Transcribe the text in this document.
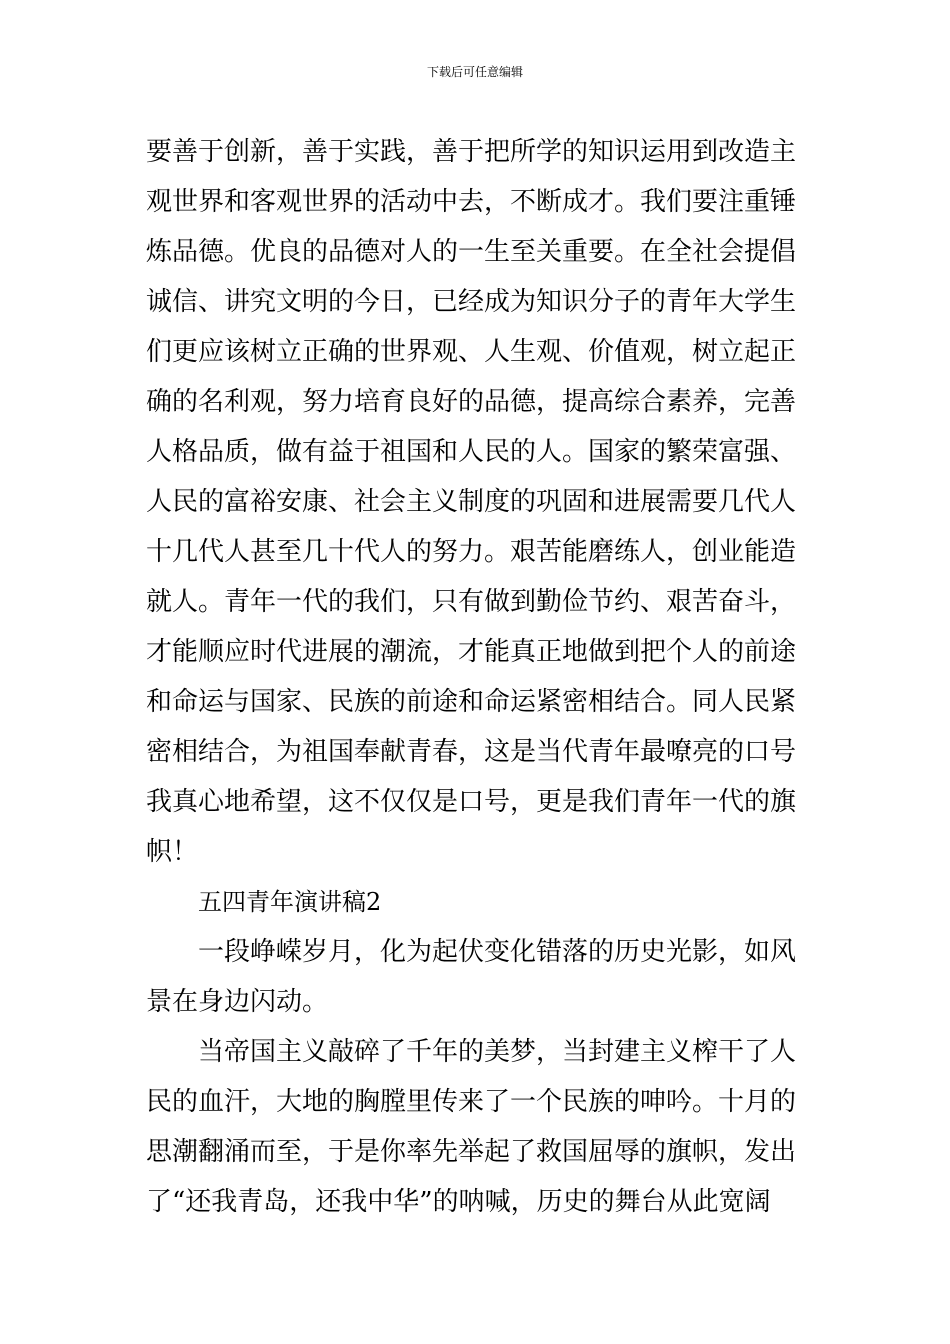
下载后可任意编辑
要善于创新，善于实践，善于把所学的知识运用到改造主
观世界和客观世界的活动中去，不断成才。我们要注重锤
炼品德。优良的品德对人的一生至关重要。在全社会提倡
诚信、讲究文明的今日，已经成为知识分子的青年大学生
们更应该树立正确的世界观、人生观、价值观，树立起正
确的名利观，努力培育良好的品德，提高综合素养，完善
人格品质，做有益于祖国和人民的人。国家的繁荣富强、
人民的富裕安康、社会主义制度的巩固和进展需要几代人
十几代人甚至几十代人的努力。艰苦能磨练人，创业能造
就人。青年一代的我们，只有做到勤俭节约、艰苦奋斗，
才能顺应时代进展的潮流，才能真正地做到把个人的前途
和命运与国家、民族的前途和命运紧密相结合。同人民紧
密相结合，为祖国奉献青春，这是当代青年最嘹亮的口号
我真心地希望，这不仅仅是口号，更是我们青年一代的旗
帜！
五四青年演讲稿2
一段峥嵘岁月，化为起伏变化错落的历史光影，如风
景在身边闪动。
当帝国主义敲碎了千年的美梦，当封建主义榨干了人
民的血汗，大地的胸膛里传来了一个民族的呻吟。十月的
思潮翻涌而至，于是你率先举起了救国屈辱的旗帜，发出
了“还我青岛，还我中华”的呐喊，历史的舞台从此宽阔
